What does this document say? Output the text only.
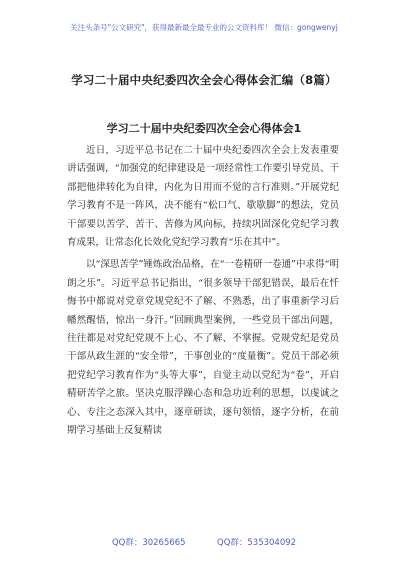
关注头条号"公文研究"，获得最新最全最专业的公文资料库！ 微信：gongwenyj
学习二十届中央纪委四次全会心得体会汇编（8篇）
学习二十届中央纪委四次全会心得体会1

近日，习近平总书记在二十届中央纪委四次全会上发表重要讲话强调，“加强党的纪律建设是一项经常性工作要引导党员、干部把他律转化为自律，内化为日用而不觉的言行准则。”开展党纪学习教育不是一阵风，决不能有“松口气、歇歇脚”的想法，党员干部要以苦学、苦干、苦修为风向标，持续巩固深化党纪学习教育成果，让常态化长效化党纪学习教育“乐在其中”。

以“深思苦学”锤炼政治品格，在“一卷精研一卷通”中求得“明朗之乐”。习近平总书记指出，“很多领导干部犯错误，最后在忏悔书中都说对党章党规党纪不了解、不熟悉，出了事重新学习后幡然醒悟，惊出一身汗。”回顾典型案例，一些党员干部出问题，往往都是对党纪党规不上心、不了解、不掌握。党规党纪是党员干部从政生涯的“安全带”，干事创业的“度量衡”。党员干部必须把党纪学习教育作为“头等大事”，自觉主动以党纪为“卷”，开启精研苦学之旅。坚决克服浮躁心态和急功近利的思想，以虔诚之心、专注之态深入其中，逐章研读，逐句领悟，逐字分析，在前期学习基础上反复精读

QQ群：30265665	QQ群：535304092
